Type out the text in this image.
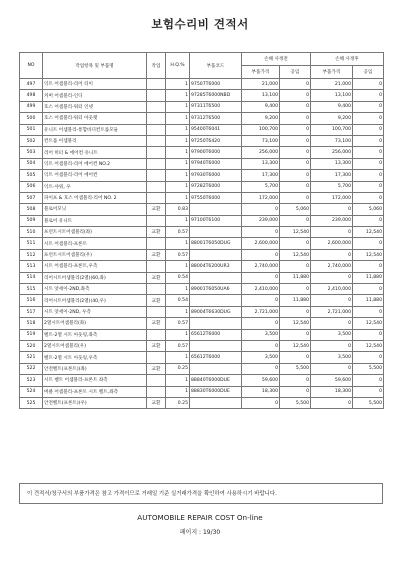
보험수리비 견적서
NO	작업항목 및 부품명	작업	H.Q.%	부품코드	손해 사정전		손해 사정후	
					부품가격	공임	부품가격	공임
497	익트 어셈블리-리어 티이		1	97507T6000	21,000	0	21,000	0
498	커버 어셈블리-인디		1	97285T6000NBD	13,100	0	13,100	0
499	호스 어셈블리-워터 인넷		1	97311T6500	9,400	0	9,400	0
500	호스 어셈블리-워터 아웃렛		1	97312T6500	9,200	0	9,200	0
501	유니트 어셈블리-통합바디컨트롤모듈		1	95400T6041	100,700	0	100,700	0
502	컨트롤 어셈블리		1	97250T6420	73,100	0	73,100	0
503	리어 히터 & 에어컨 유니트		1	97900T6000	256,000	0	256,000	0
504	익트 어셈블리-리어 에어컨 NO.2		1	97940T6000	13,300	0	13,300	0
505	익트 어셈블리-리어 에어컨		1	97930T6000	17,300	0	17,300	0
506	익트-샤워, 우		1	97282T6000	5,700	0	5,700	0
507	파이프 & 호스 어셈블리-리어 NO. 2		1	97550T6000	172,000	0	172,000	0
508	블로어모닛	교환	0.83		0	5,060	0	5,060
509	블로어 유니트		1	97100T6100	239,000	0	239,000	0
510	프런트시트어셈블리(좌)	교환	0.57		0	12,540	0	12,540
511	시트 어셈블리-프론트		1	88001T6050DUG	2,600,000	0	2,600,000	0
512	프런트시트어셈블리(우)	교환	0.57		0	12,540	0	12,540
513	시트 어셈블리-프론트,우측		1	88004T6200UR3	2,740,000	0	2,740,000	0
514	리어시트어셈블리(2열)(60,좌)	교환	0.54		0	11,880	0	11,880
515	시트 앗세이-2ND,좌측		1	89001T6050UA6	2,410,000	0	2,410,000	0
516	리어시트어셈블리(2열)(40,우)	교환	0.54		0	11,880	0	11,880
517	시트 앗세이-2ND, 우측		1	89004T6630DUG	2,721,000	0	2,721,000	0
518	2열시트어셈블리(좌)	교환	0.57		0	12,540	0	12,540
519	벨트-2열 시트 아웃링,좌측		1	65612T6000	3,500	0	3,500	0
520	2열시트어셈블리(우)	교환	0.57		0	12,540	0	12,540
521	벨트-2열 시트 아웃링,우측		1	65612T6000	3,500	0	3,500	0
522	안전벨트(프론트)(좌)	교환	0.25		0	5,500	0	5,500
523	시트 벨트 어셈블리-프론트 좌측		1	88840T6000DUE	59,600	0	59,600	0
524	버클 어셈블리-프론트 시트 벨트,좌측		1	88830T6000DUE	18,300	0	18,300	0
525	안전벨트(프론트)(우)	교환	0.25		0	5,500	0	5,500
이 견적서/청구서의 부품가격은 참고 가격이므로 거래일 기준 실거래가격을 확인하여 사용하시기 바랍니다.
AUTOMOBILE REPAIR COST On-line
페이지 : 19/30
